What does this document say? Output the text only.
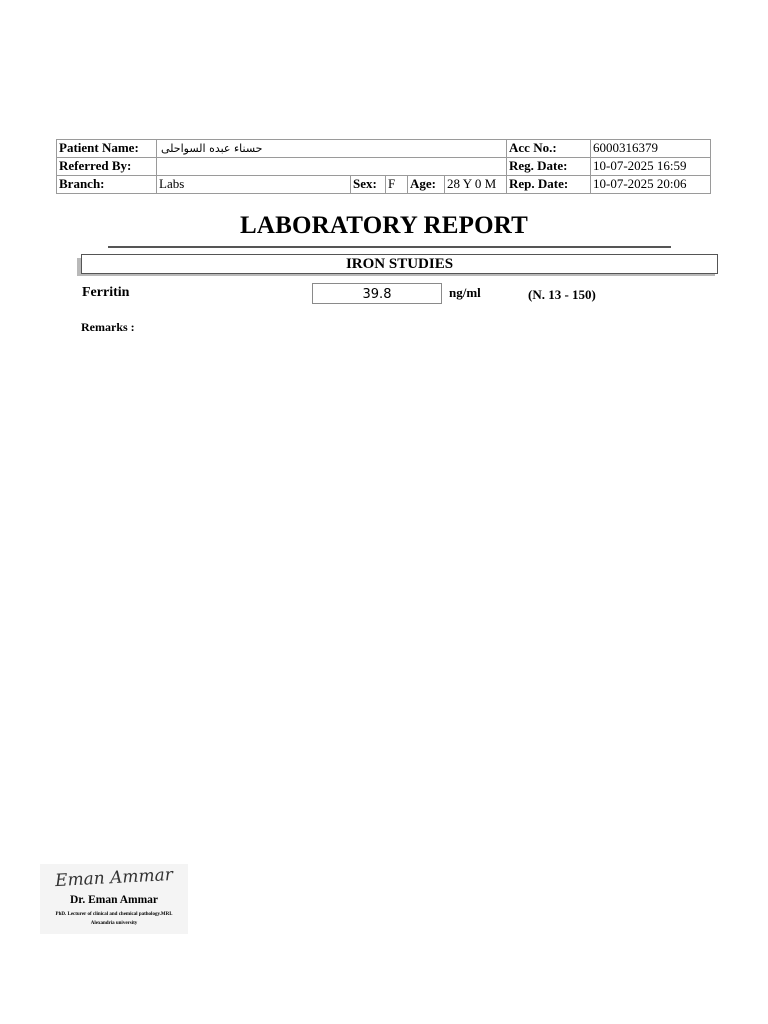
Patient Name:	حسناء عبده السواحلى					Acc No.:	6000316379
Referred By:						Reg. Date:	10-07-2025 16:59
Branch:	Labs	Sex:	F	Age:	28 Y 0 M	Rep. Date:	10-07-2025 20:06
LABORATORY REPORT
IRON STUDIES
Ferritin	39.8	ng/ml	(N. 13 - 150)
Remarks :
Eman Ammar
Dr. Eman Ammar
PhD. Lecturer of clinical and chemical pathology.MRI.
Alexandria university
